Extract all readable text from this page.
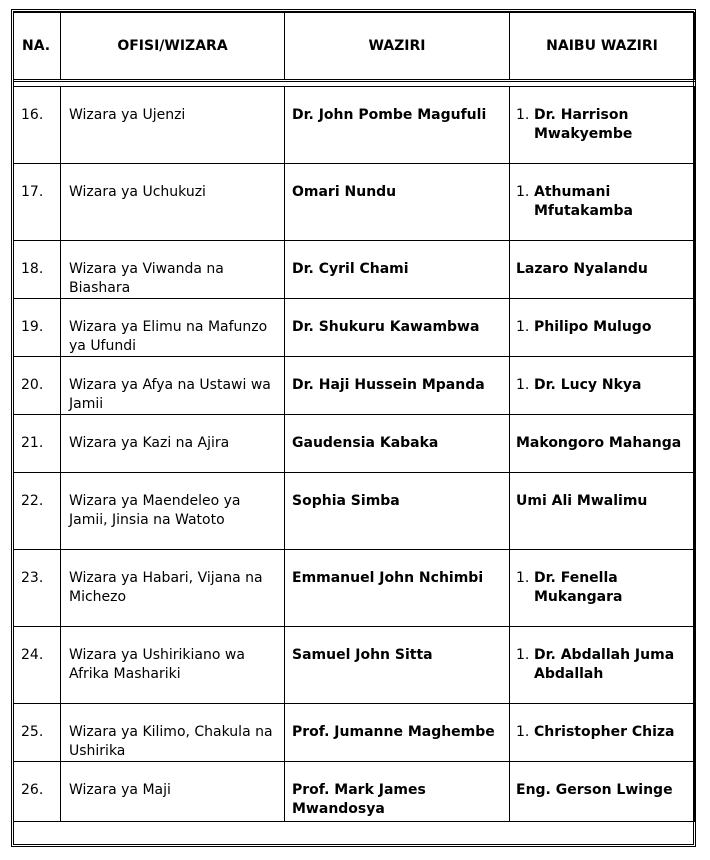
NA.	OFISI/WIZARA	WAZIRI	NAIBU WAZIRI

16.	Wizara ya Ujenzi	Dr. John Pombe Magufuli	1. Dr. Harrison Mwakyembe

17.	Wizara ya Uchukuzi	Omari Nundu	1. Athumani Mfutakamba

18.	Wizara ya Viwanda na Biashara	Dr. Cyril Chami	Lazaro Nyalandu

19.	Wizara ya Elimu na Mafunzo ya Ufundi	Dr. Shukuru Kawambwa	1. Philipo Mulugo

20.	Wizara ya Afya na Ustawi wa Jamii	Dr. Haji Hussein Mpanda	1. Dr. Lucy Nkya

21.	Wizara ya Kazi na Ajira	Gaudensia Kabaka	Makongoro Mahanga

22.	Wizara ya Maendeleo ya Jamii, Jinsia na Watoto	Sophia Simba	Umi Ali Mwalimu

23.	Wizara ya Habari, Vijana na Michezo	Emmanuel John Nchimbi	1. Dr. Fenella Mukangara

24.	Wizara ya Ushirikiano wa Afrika Mashariki	Samuel John Sitta	1. Dr. Abdallah Juma Abdallah

25.	Wizara ya Kilimo, Chakula na Ushirika	Prof. Jumanne Maghembe	1. Christopher Chiza

26.	Wizara ya Maji	Prof. Mark James Mwandosya	Eng. Gerson Lwinge
